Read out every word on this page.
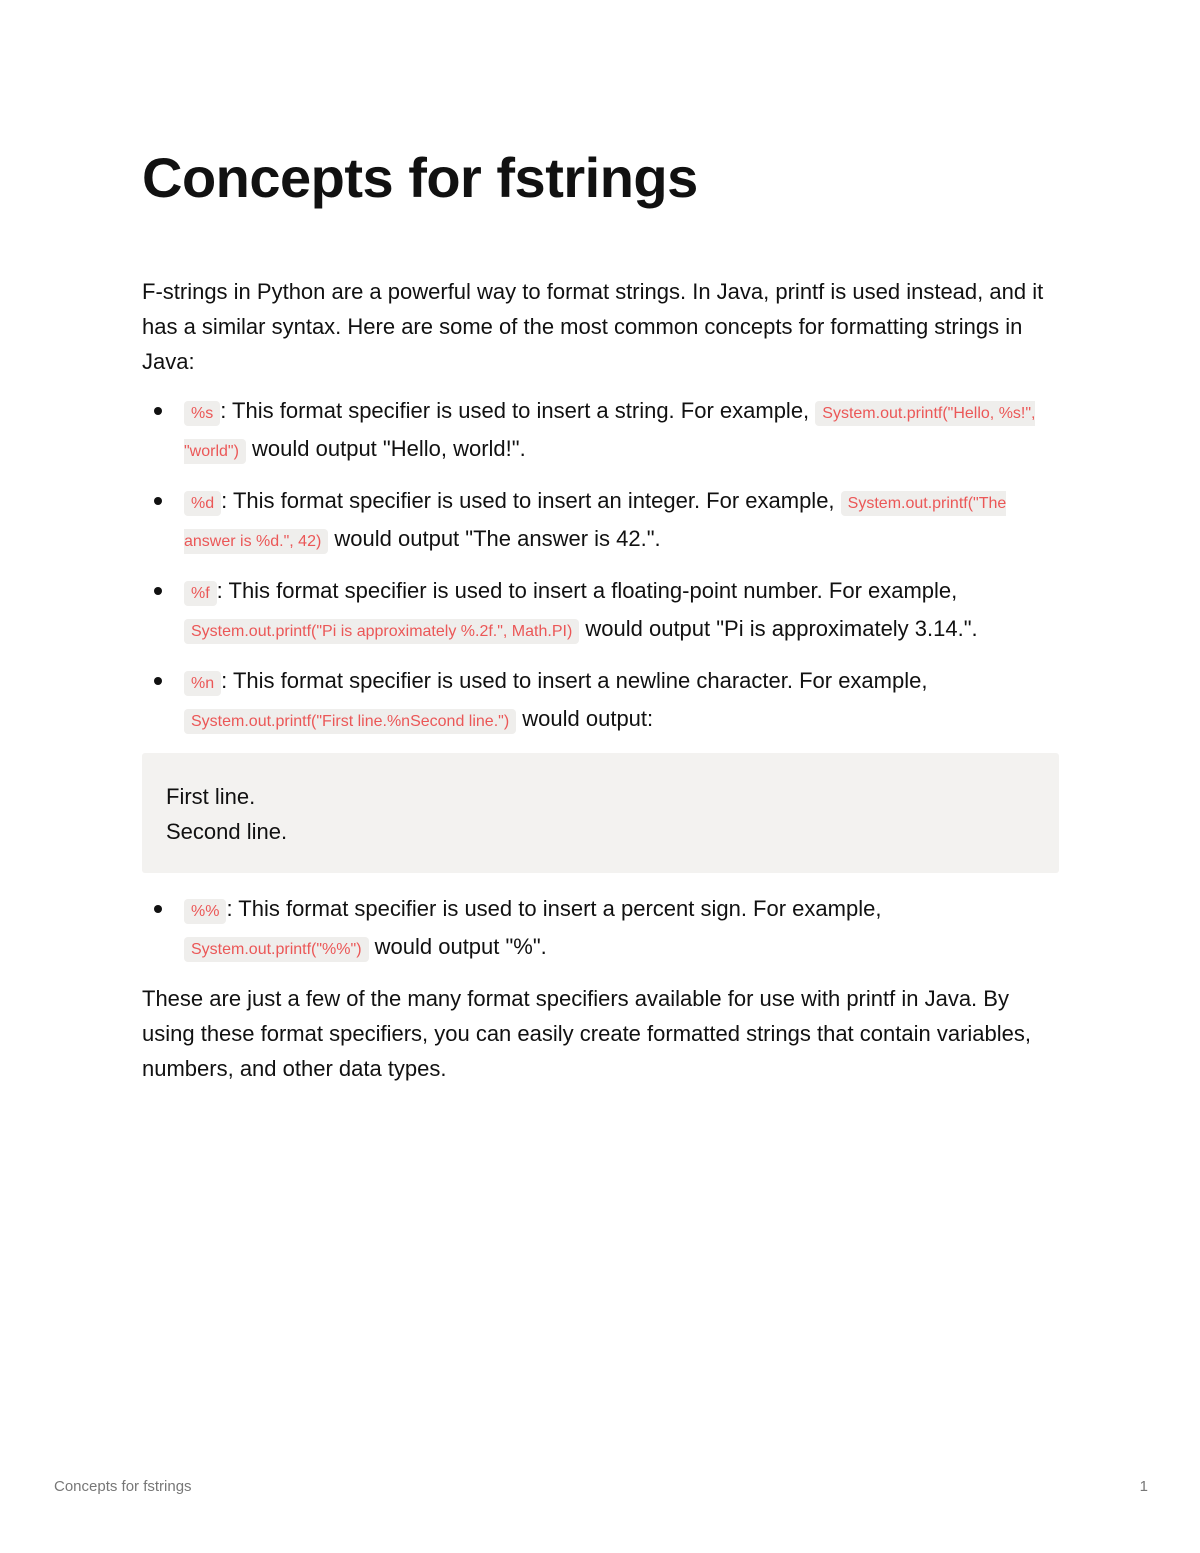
Concepts for fstrings

F-strings in Python are a powerful way to format strings. In Java, printf is used instead, and it has a similar syntax. Here are some of the most common concepts for formatting strings in Java:

%s : This format specifier is used to insert a string. For example, System.out.printf("Hello, %s!", "world") would output "Hello, world!".
%d : This format specifier is used to insert an integer. For example, System.out.printf("The answer is %d.", 42) would output "The answer is 42.".
%f : This format specifier is used to insert a floating-point number. For example, System.out.printf("Pi is approximately %.2f.", Math.PI) would output "Pi is approximately 3.14.".
%n : This format specifier is used to insert a newline character. For example, System.out.printf("First line.%nSecond line.") would output:
First line.
Second line.
%% : This format specifier is used to insert a percent sign. For example, System.out.printf("%%") would output "%".

These are just a few of the many format specifiers available for use with printf in Java. By using these format specifiers, you can easily create formatted strings that contain variables, numbers, and other data types.

Concepts for fstrings	1
